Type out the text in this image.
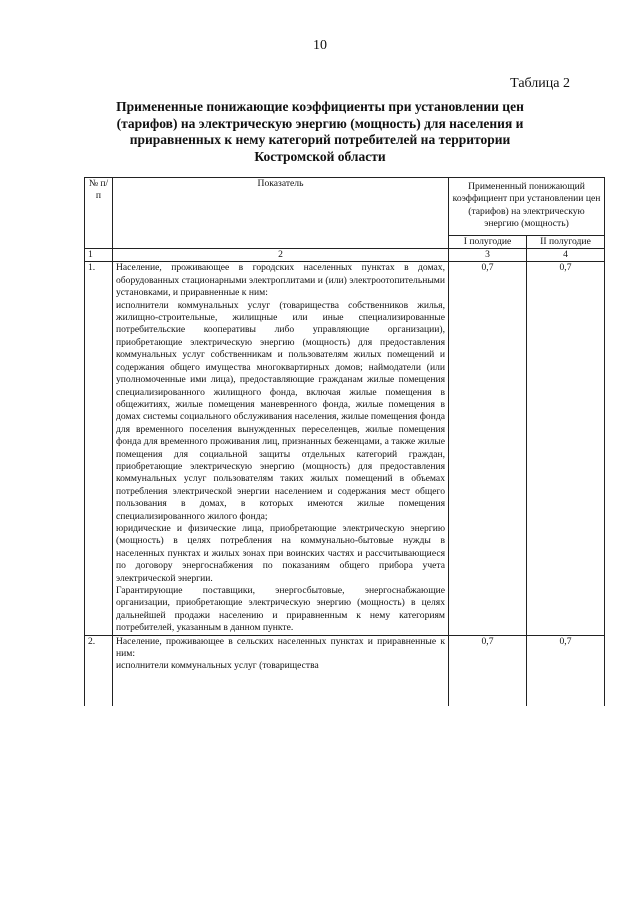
10
Таблица 2
Примененные понижающие коэффициенты при установлении цен (тарифов) на электрическую энергию (мощность) для населения и приравненных к нему категорий потребителей на территории Костромской области
№ п/п	Показатель	Примененный понижающий коэффициент при установлении цен (тарифов) на электрическую энергию (мощность)	
		I полугодие	II полугодие
1	2	3	4
1.	Население, проживающее в городских населенных пунктах в домах, оборудованных стационарными электроплитами и (или) электроотопительными установками, и приравненные к ним:

исполнители коммунальных услуг (товарищества собственников жилья, жилищно-строительные, жилищные или иные специализированные потребительские кооперативы либо управляющие организации), приобретающие электрическую энергию (мощность) для предоставления коммунальных услуг собственникам и пользователям жилых помещений и содержания общего имущества многоквартирных домов; наймодатели (или уполномоченные ими лица), предоставляющие гражданам жилые помещения специализированного жилищного фонда, включая жилые помещения в общежитиях, жилые помещения маневренного фонда, жилые помещения в домах системы социального обслуживания населения, жилые помещения фонда для временного поселения вынужденных переселенцев, жилые помещения фонда для временного проживания лиц, признанных беженцами, а также жилые помещения для социальной защиты отдельных категорий граждан, приобретающие электрическую энергию (мощность) для предоставления коммунальных услуг пользователям таких жилых помещений в объемах потребления электрической энергии населением и содержания мест общего пользования в домах, в которых имеются жилые помещения специализированного жилого фонда;

юридические и физические лица, приобретающие электрическую энергию (мощность) в целях потребления на коммунально-бытовые нужды в населенных пунктах и жилых зонах при воинских частях и рассчитывающиеся по договору энергоснабжения по показаниям общего прибора учета электрической энергии.

Гарантирующие поставщики, энергосбытовые, энергоснабжающие организации, приобретающие электрическую энергию (мощность) в целях дальнейшей продажи населению и приравненным к нему категориям потребителей, указанным в данном пункте.	0,7	0,7
2.	Население, проживающее в сельских населенных пунктах и приравненные к ним:

исполнители коммунальных услуг (товарищества	0,7	0,7
